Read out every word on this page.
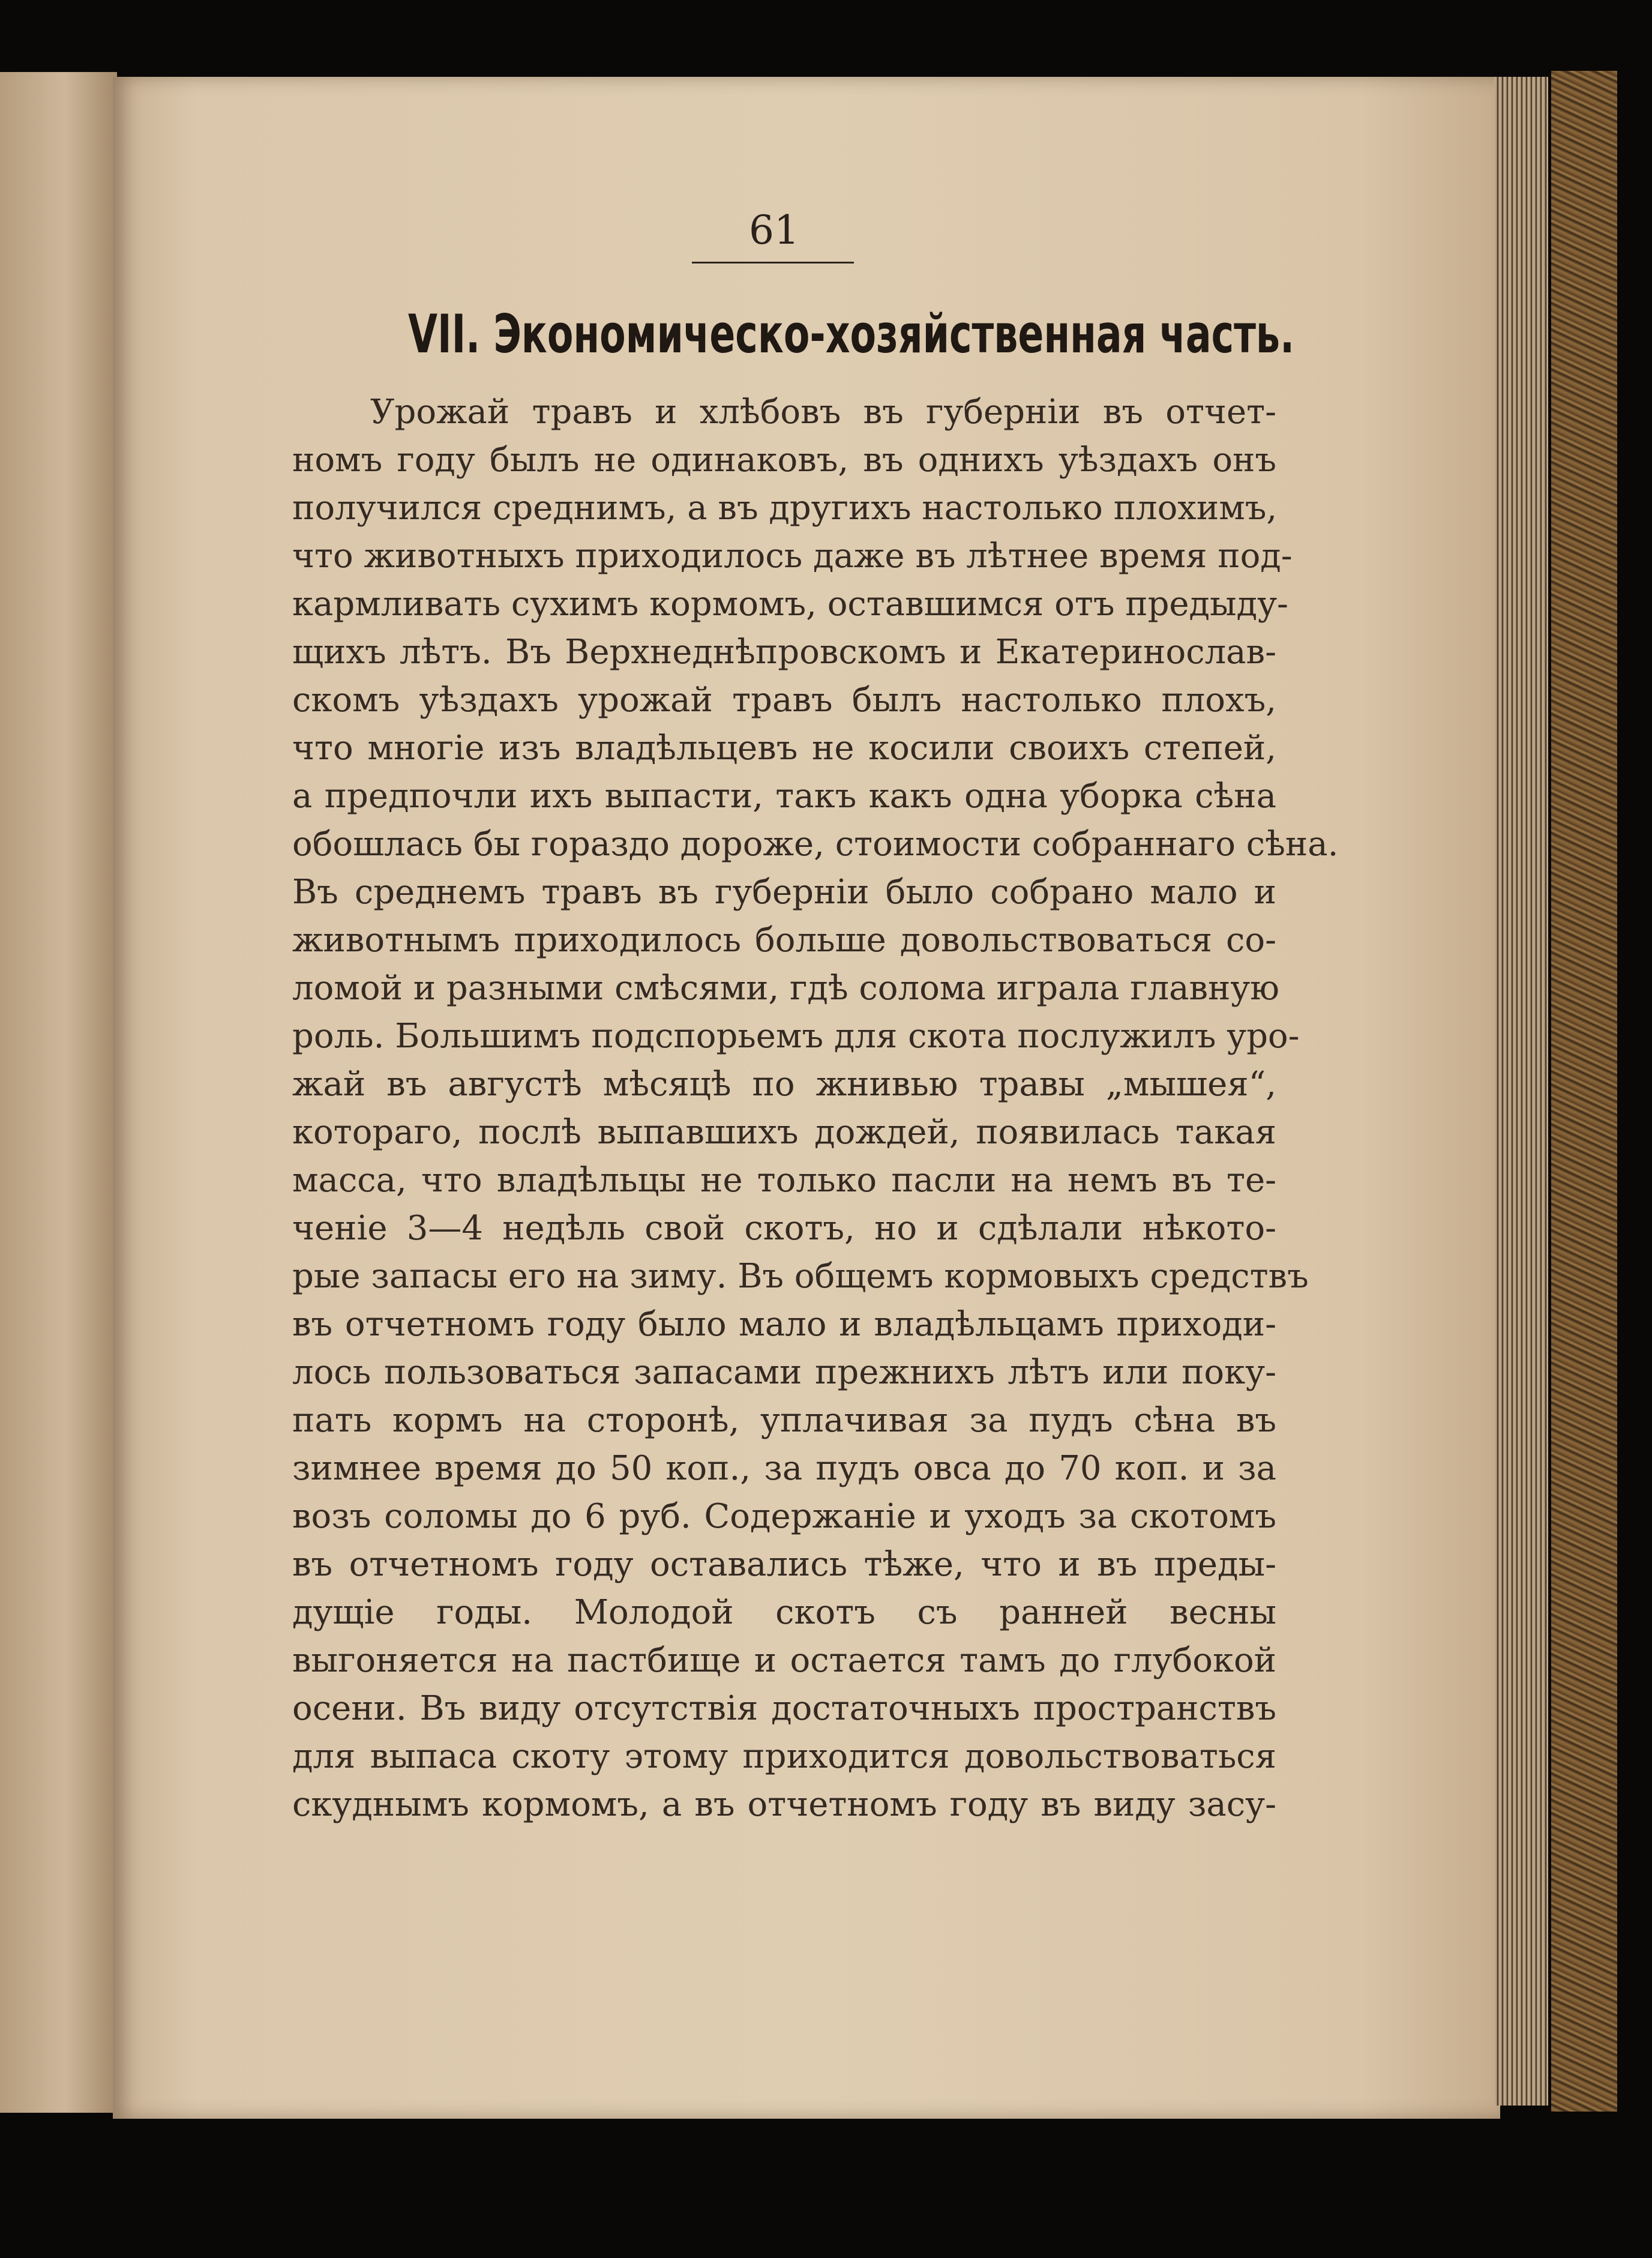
61
VII. Экономическо-хозяйственная часть.
Урожай травъ и хлѣбовъ въ губерніи въ отчет-
номъ году былъ не одинаковъ, въ однихъ уѣздахъ онъ
получился среднимъ, а въ другихъ настолько плохимъ,
что животныхъ приходилось даже въ лѣтнее время под-
кармливать сухимъ кормомъ, оставшимся отъ предыду-
щихъ лѣтъ. Въ Верхнеднѣпровскомъ и Екатеринослав-
скомъ уѣздахъ урожай травъ былъ настолько плохъ,
что многіе изъ владѣльцевъ не косили своихъ степей,
а предпочли ихъ выпасти, такъ какъ одна уборка сѣна
обошлась бы гораздо дороже, стоимости собраннаго сѣна.
Въ среднемъ травъ въ губерніи было собрано мало и
животнымъ приходилось больше довольствоваться со-
ломой и разными смѣсями, гдѣ солома играла главную
роль. Большимъ подспорьемъ для скота послужилъ уро-
жай въ августѣ мѣсяцѣ по жнивью травы „мышея“,
котораго, послѣ выпавшихъ дождей, появилась такая
масса, что владѣльцы не только пасли на немъ въ те-
ченіе 3—4 недѣль свой скотъ, но и сдѣлали нѣкото-
рые запасы его на зиму. Въ общемъ кормовыхъ средствъ
въ отчетномъ году было мало и владѣльцамъ приходи-
лось пользоваться запасами прежнихъ лѣтъ или поку-
пать кормъ на сторонѣ, уплачивая за пудъ сѣна въ
зимнее время до 50 коп., за пудъ овса до 70 коп. и за
возъ соломы до 6 руб. Содержаніе и уходъ за скотомъ
въ отчетномъ году оставались тѣже, что и въ преды-
дущіе годы. Молодой скотъ съ ранней весны
выгоняется на пастбище и остается тамъ до глубокой
осени. Въ виду отсутствія достаточныхъ пространствъ
для выпаса скоту этому приходится довольствоваться
скуднымъ кормомъ, а въ отчетномъ году въ виду засу-
